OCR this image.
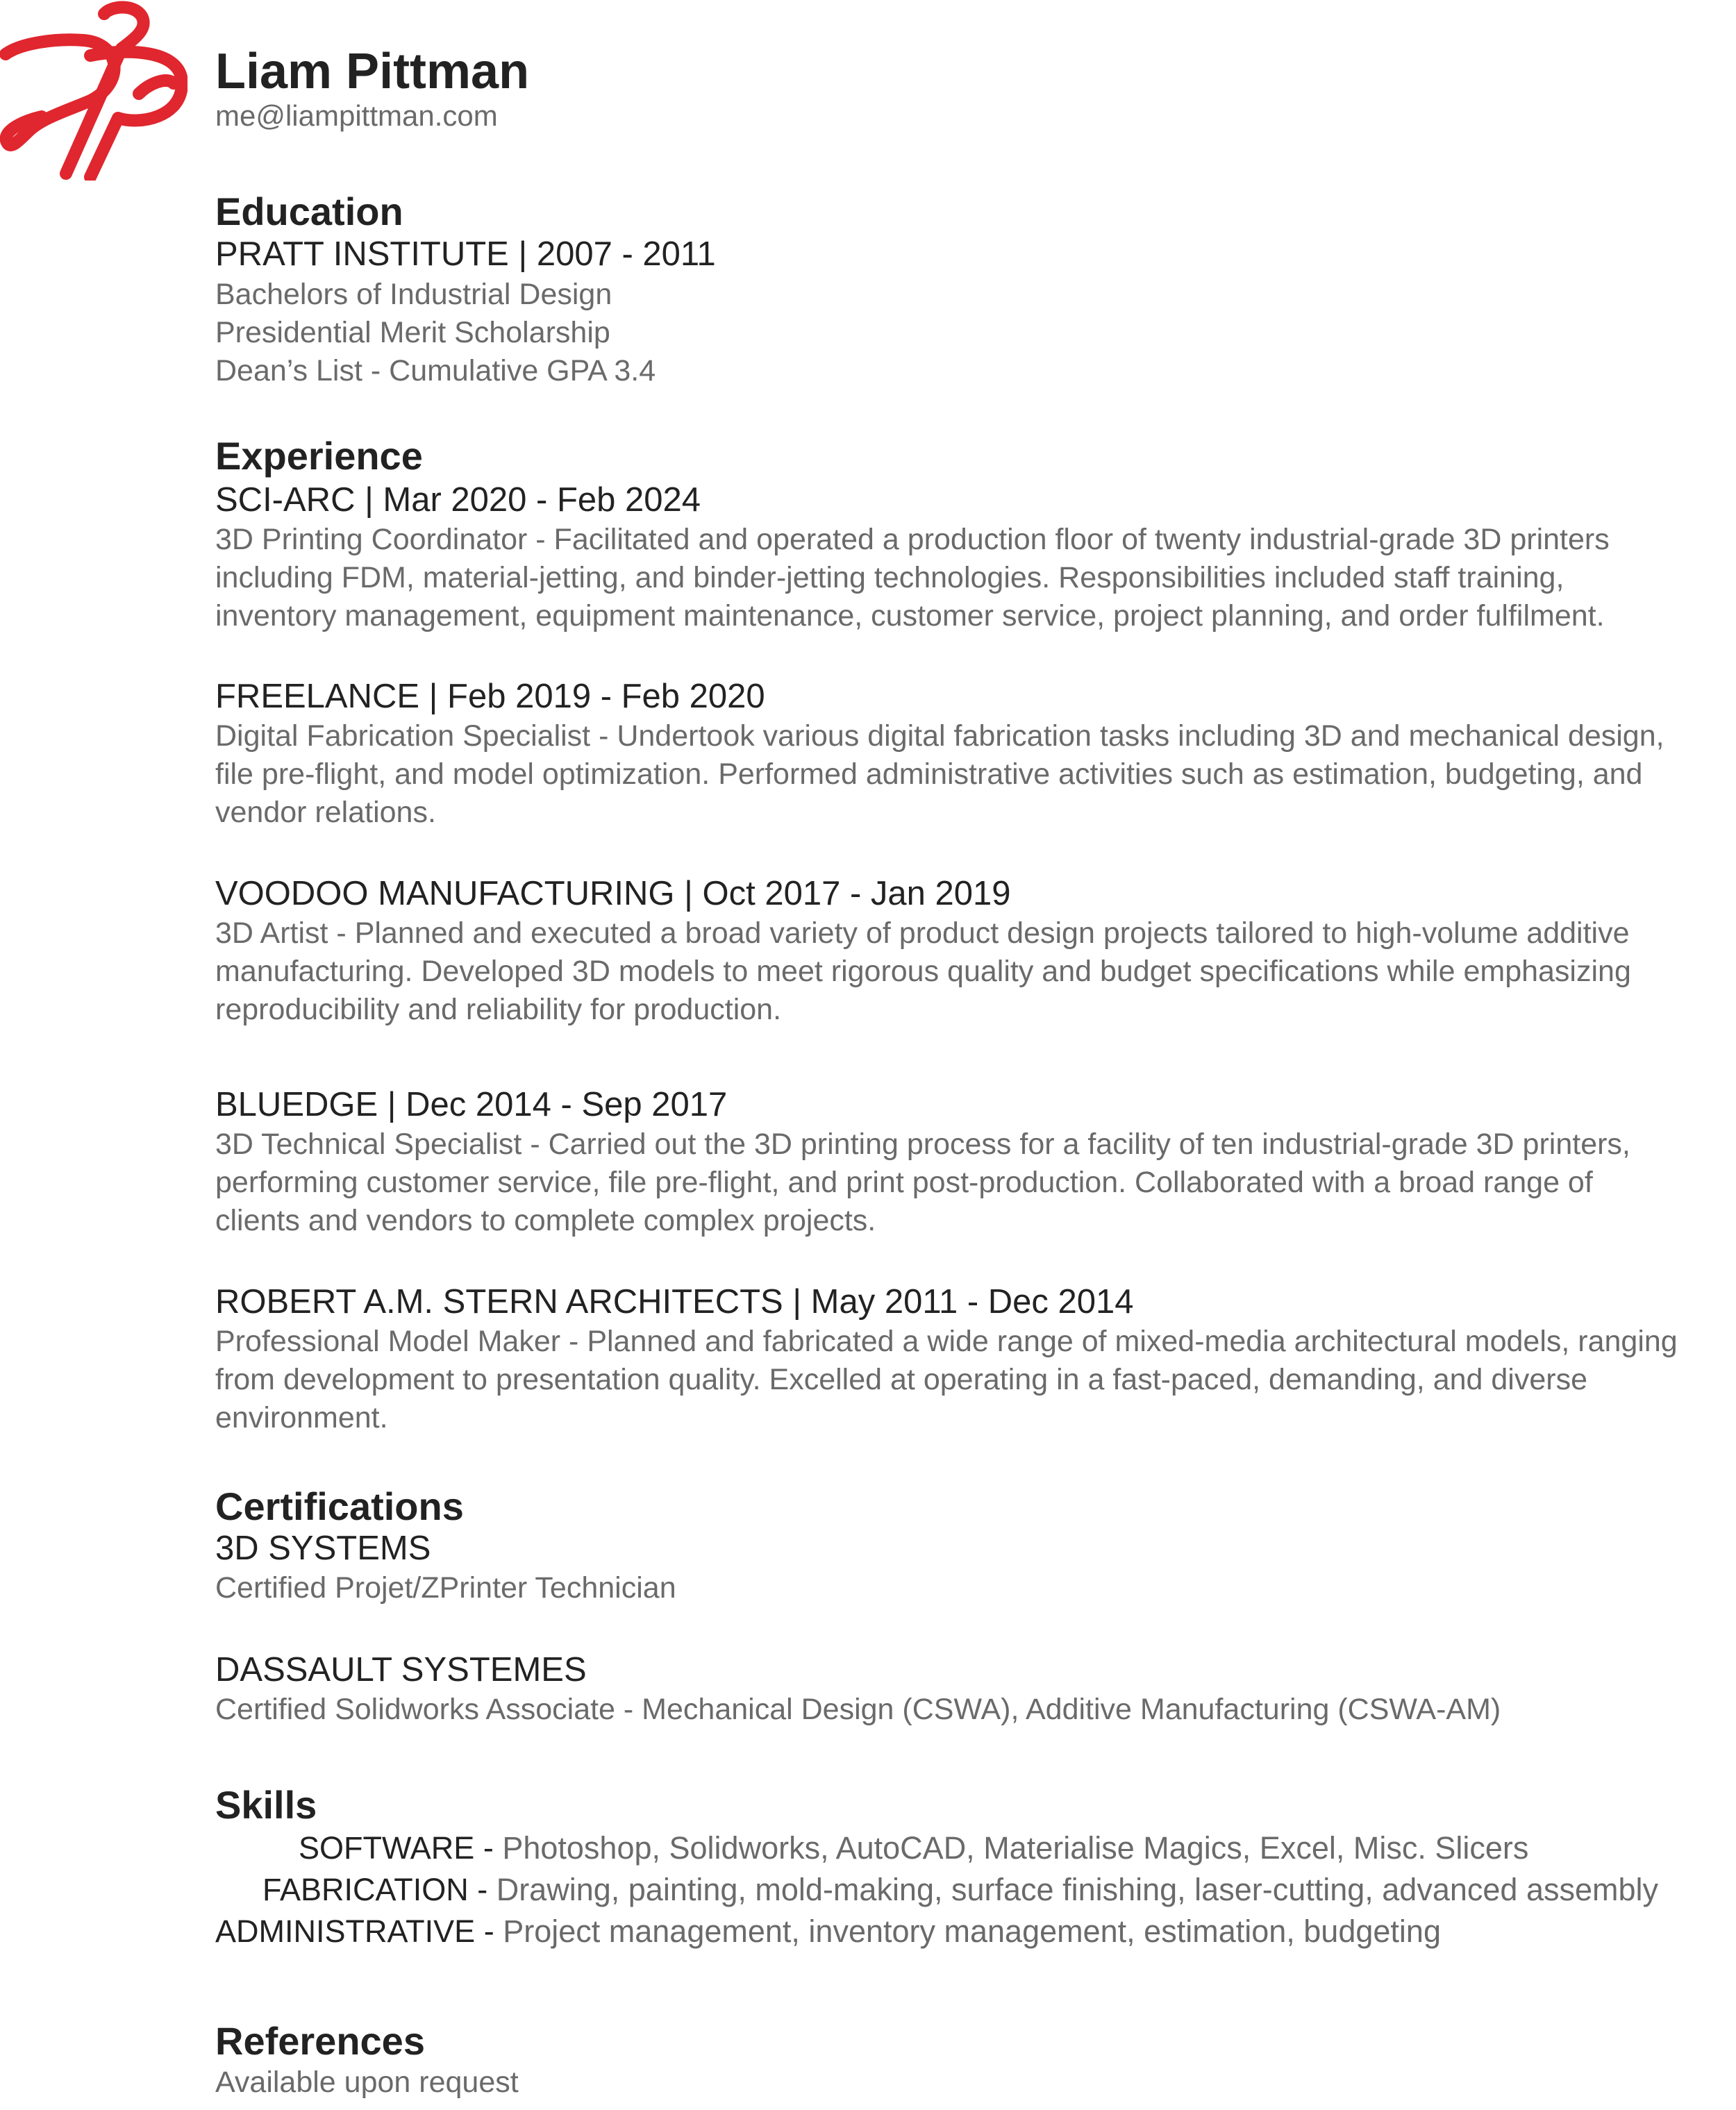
Liam Pittman
me@liampittman.com
Education
PRATT INSTITUTE | 2007 - 2011
Bachelors of Industrial Design
Presidential Merit Scholarship
Dean’s List - Cumulative GPA 3.4
Experience
SCI-ARC | Mar 2020 - Feb 2024
3D Printing Coordinator - Facilitated and operated a production floor of twenty industrial-grade 3D printers
including FDM, material-jetting, and binder-jetting technologies. Responsibilities included staff training,
inventory management, equipment maintenance, customer service, project planning, and order fulfilment.
FREELANCE | Feb 2019 - Feb 2020
Digital Fabrication Specialist - Undertook various digital fabrication tasks including 3D and mechanical design,
file pre-flight, and model optimization. Performed administrative activities such as estimation, budgeting, and
vendor relations.
VOODOO MANUFACTURING | Oct 2017 - Jan 2019
3D Artist - Planned and executed a broad variety of product design projects tailored to high-volume additive
manufacturing. Developed 3D models to meet rigorous quality and budget specifications while emphasizing
reproducibility and reliability for production.
BLUEDGE | Dec 2014 - Sep 2017
3D Technical Specialist - Carried out the 3D printing process for a facility of ten industrial-grade 3D printers,
performing customer service, file pre-flight, and print post-production. Collaborated with a broad range of
clients and vendors to complete complex projects.
ROBERT A.M. STERN ARCHITECTS | May 2011 - Dec 2014
Professional Model Maker - Planned and fabricated a wide range of mixed-media architectural models, ranging
from development to presentation quality. Excelled at operating in a fast-paced, demanding, and diverse
environment.
Certifications
3D SYSTEMS
Certified Projet/ZPrinter Technician
DASSAULT SYSTEMES
Certified Solidworks Associate - Mechanical Design (CSWA), Additive Manufacturing (CSWA-AM)
Skills
SOFTWARE - Photoshop, Solidworks, AutoCAD, Materialise Magics, Excel, Misc. Slicers
FABRICATION - Drawing, painting, mold-making, surface finishing, laser-cutting, advanced assembly
ADMINISTRATIVE - Project management, inventory management, estimation, budgeting
References
Available upon request
